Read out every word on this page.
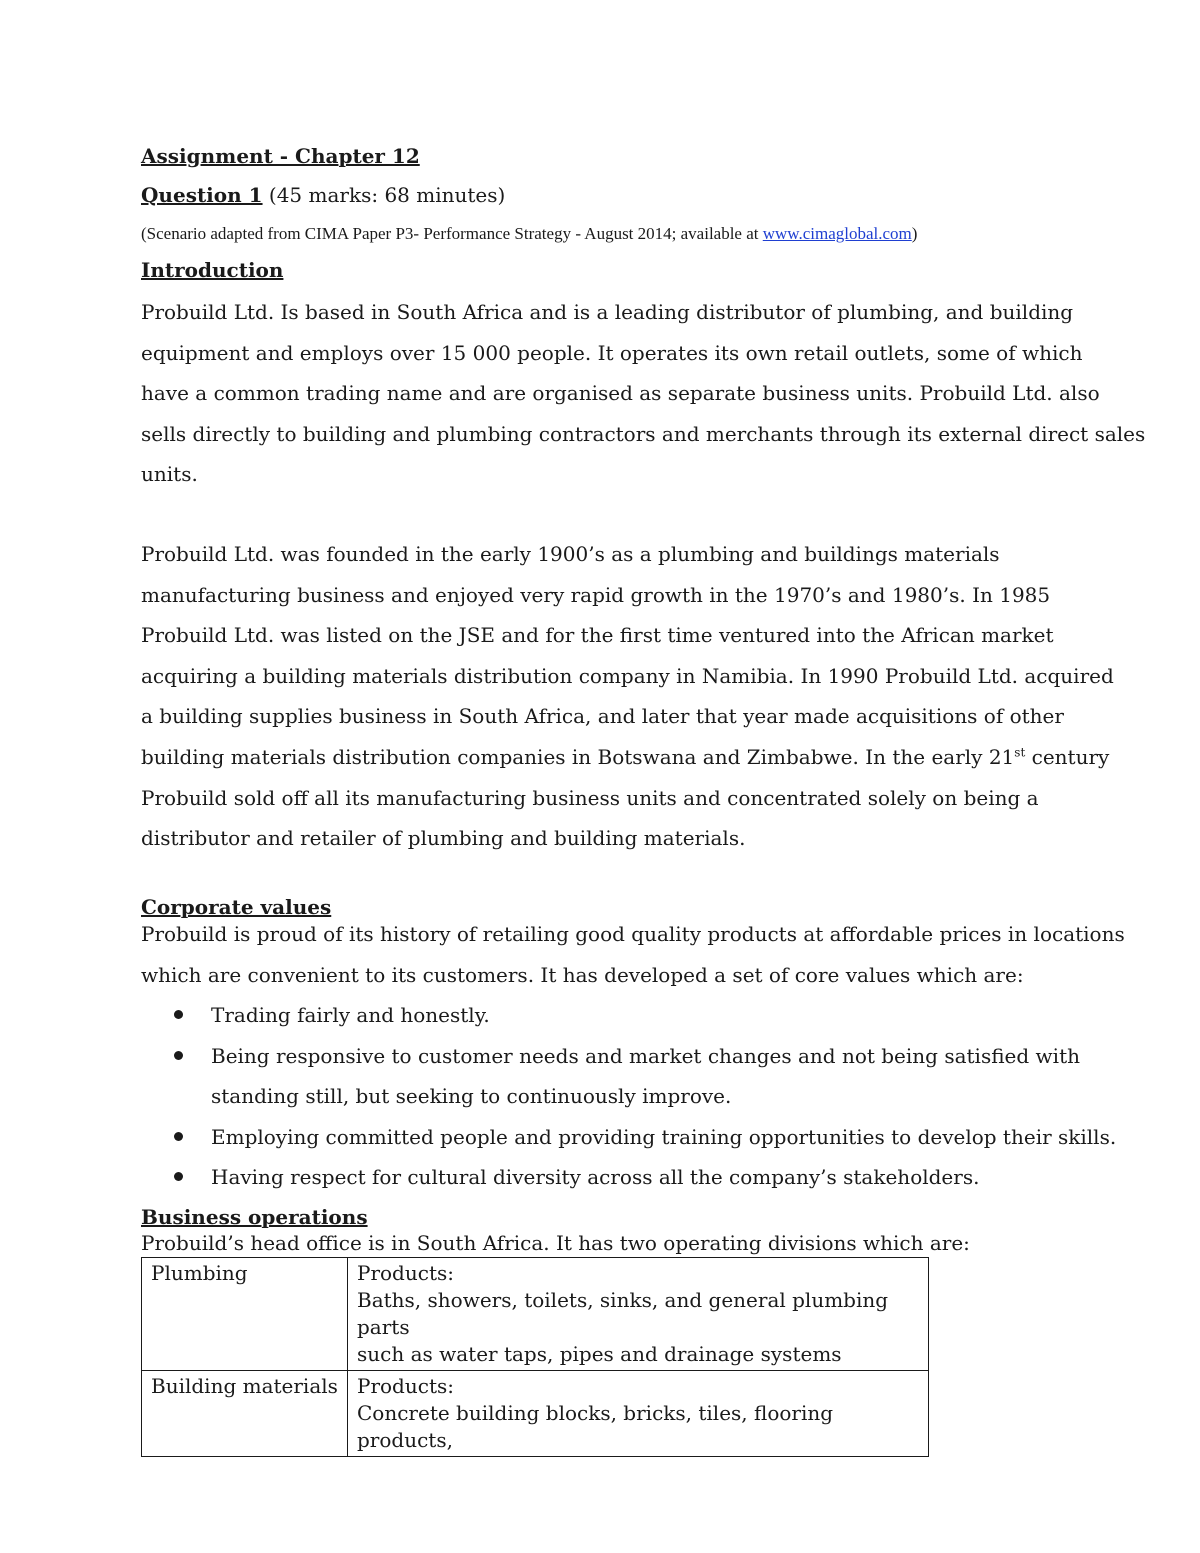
Assignment - Chapter 12

Question 1 (45 marks: 68 minutes)

(Scenario adapted from CIMA Paper P3- Performance Strategy - August 2014; available at www.cimaglobal.com)

Introduction

Probuild Ltd. Is based in South Africa and is a leading distributor of plumbing, and building
equipment and employs over 15 000 people. It operates its own retail outlets, some of which
have a common trading name and are organised as separate business units. Probuild Ltd. also
sells directly to building and plumbing contractors and merchants through its external direct sales
units.
Probuild Ltd. was founded in the early 1900’s as a plumbing and buildings materials
manufacturing business and enjoyed very rapid growth in the 1970’s and 1980’s. In 1985
Probuild Ltd. was listed on the JSE and for the first time ventured into the African market
acquiring a building materials distribution company in Namibia. In 1990 Probuild Ltd. acquired
a building supplies business in South Africa, and later that year made acquisitions of other
building materials distribution companies in Botswana and Zimbabwe. In the early 21st century
Probuild sold off all its manufacturing business units and concentrated solely on being a
distributor and retailer of plumbing and building materials.

Corporate values

Probuild is proud of its history of retailing good quality products at affordable prices in locations
which are convenient to its customers. It has developed a set of core values which are:
Trading fairly and honestly.
Being responsive to customer needs and market changes and not being satisfied with
standing still, but seeking to continuously improve.
Employing committed people and providing training opportunities to develop their skills.
Having respect for cultural diversity across all the company’s stakeholders.

Business operations

Probuild’s head office is in South Africa. It has two operating divisions which are:

Plumbing	Products:
Baths, showers, toilets, sinks, and general plumbing parts
such as water taps, pipes and drainage systems

Building materials	Products:
Concrete building blocks, bricks, tiles, flooring products,
